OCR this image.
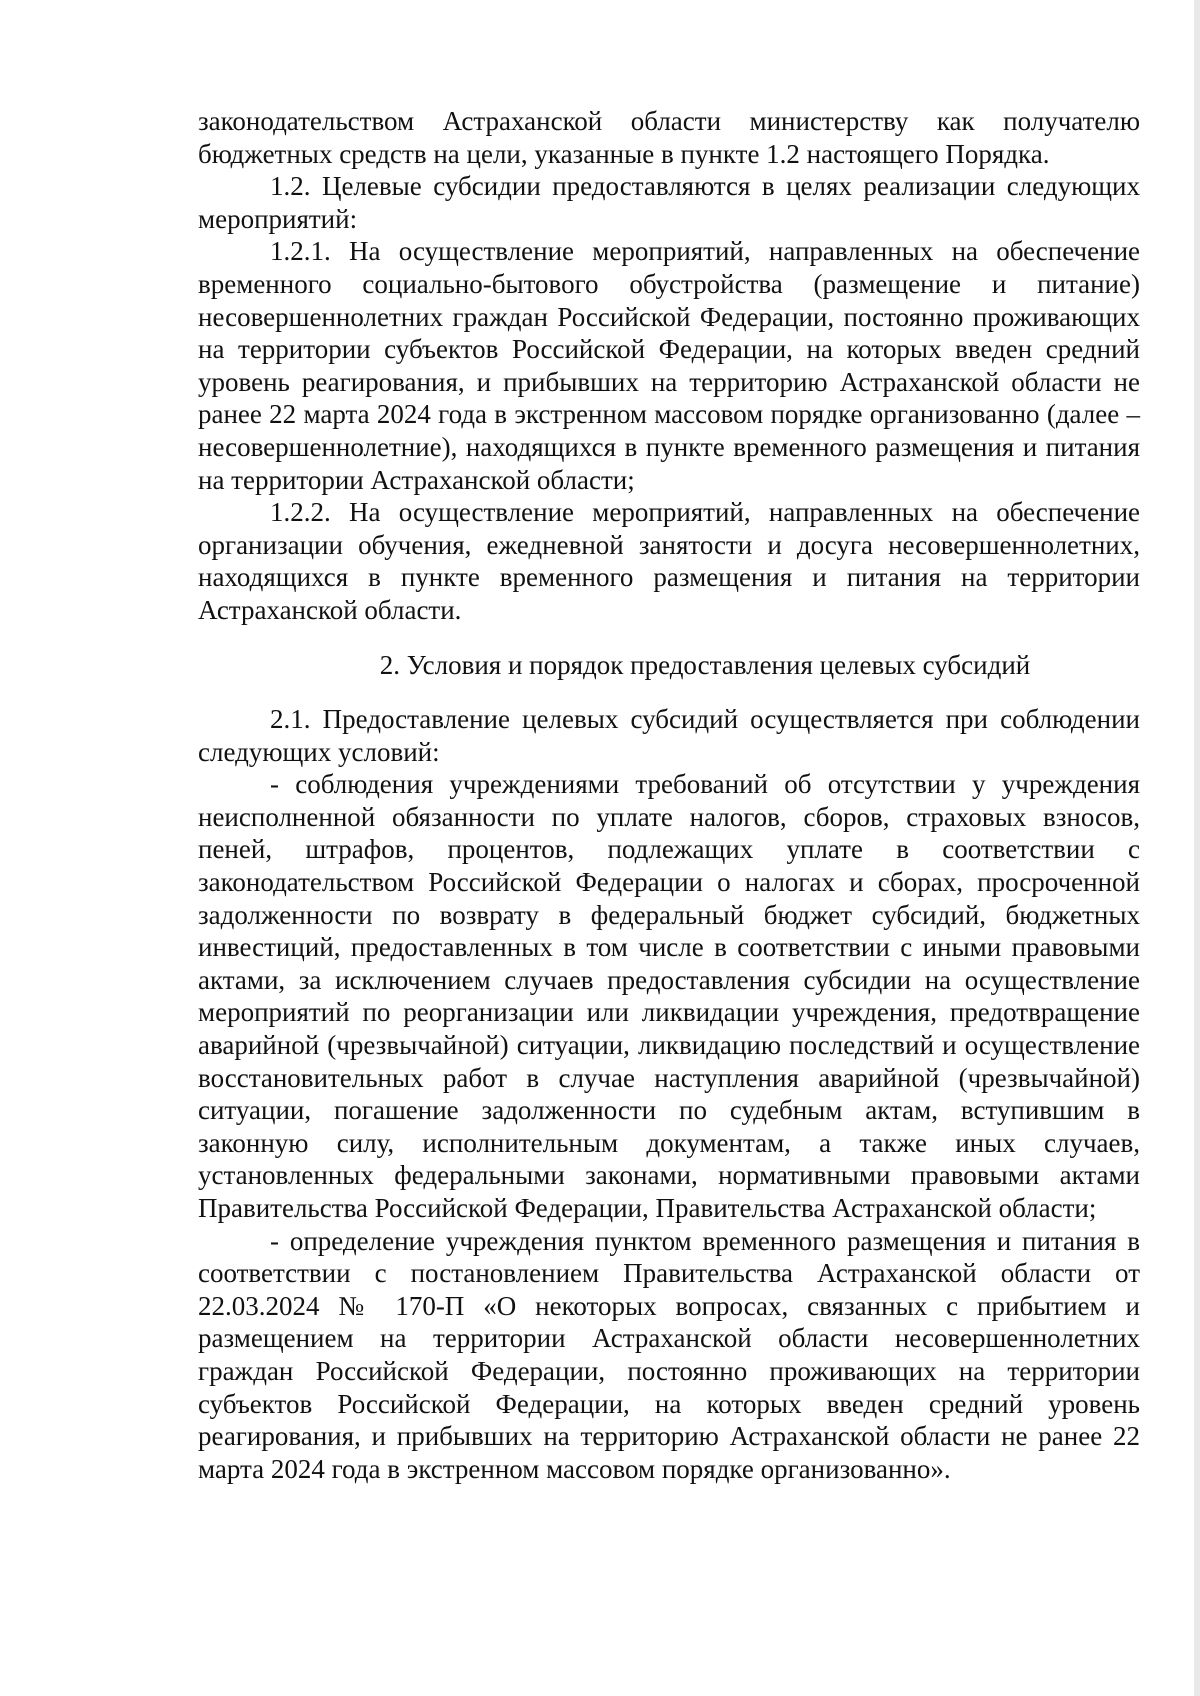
законодательством Астраханской области министерству как получателю бюджетных средств на цели, указанные в пункте 1.2 настоящего Порядка.

1.2. Целевые субсидии предоставляются в целях реализации следующих мероприятий:

1.2.1. На осуществление мероприятий, направленных на обеспечение временного социально-бытового обустройства (размещение и питание) несовершеннолетних граждан Российской Федерации, постоянно проживающих на территории субъектов Российской Федерации, на которых введен средний уровень реагирования, и прибывших на территорию Астраханской области не ранее 22 марта 2024 года в экстренном массовом порядке организованно (далее – несовершеннолетние), находящихся в пункте временного размещения и питания на территории Астраханской области;

1.2.2. На осуществление мероприятий, направленных на обеспечение организации обучения, ежедневной занятости и досуга несовершеннолетних, находящихся в пункте временного размещения и питания на территории Астраханской области.

2. Условия и порядок предоставления целевых субсидий

2.1. Предоставление целевых субсидий осуществляется при соблюдении следующих условий:

- соблюдения учреждениями требований об отсутствии у учреждения неисполненной обязанности по уплате налогов, сборов, страховых взносов, пеней, штрафов, процентов, подлежащих уплате в соответствии с законодательством Российской Федерации о налогах и сборах, просроченной задолженности по возврату в федеральный бюджет субсидий, бюджетных инвестиций, предоставленных в том числе в соответствии с иными правовыми актами, за исключением случаев предоставления субсидии на осуществление мероприятий по реорганизации или ликвидации учреждения, предотвращение аварийной (чрезвычайной) ситуации, ликвидацию последствий и осуществление восстановительных работ в случае наступления аварийной (чрезвычайной) ситуации, погашение задолженности по судебным актам, вступившим в законную силу, исполнительным документам, а также иных случаев, установленных федеральными законами, нормативными правовыми актами Правительства Российской Федерации, Правительства Астраханской области;

- определение учреждения пунктом временного размещения и питания в соответствии с постановлением Правительства Астраханской области от 22.03.2024 № 170-П «О некоторых вопросах, связанных с прибытием и размещением на территории Астраханской области несовершеннолетних граждан Российской Федерации, постоянно проживающих на территории субъектов Российской Федерации, на которых введен средний уровень реагирования, и прибывших на территорию Астраханской области не ранее 22 марта 2024 года в экстренном массовом порядке организованно».
